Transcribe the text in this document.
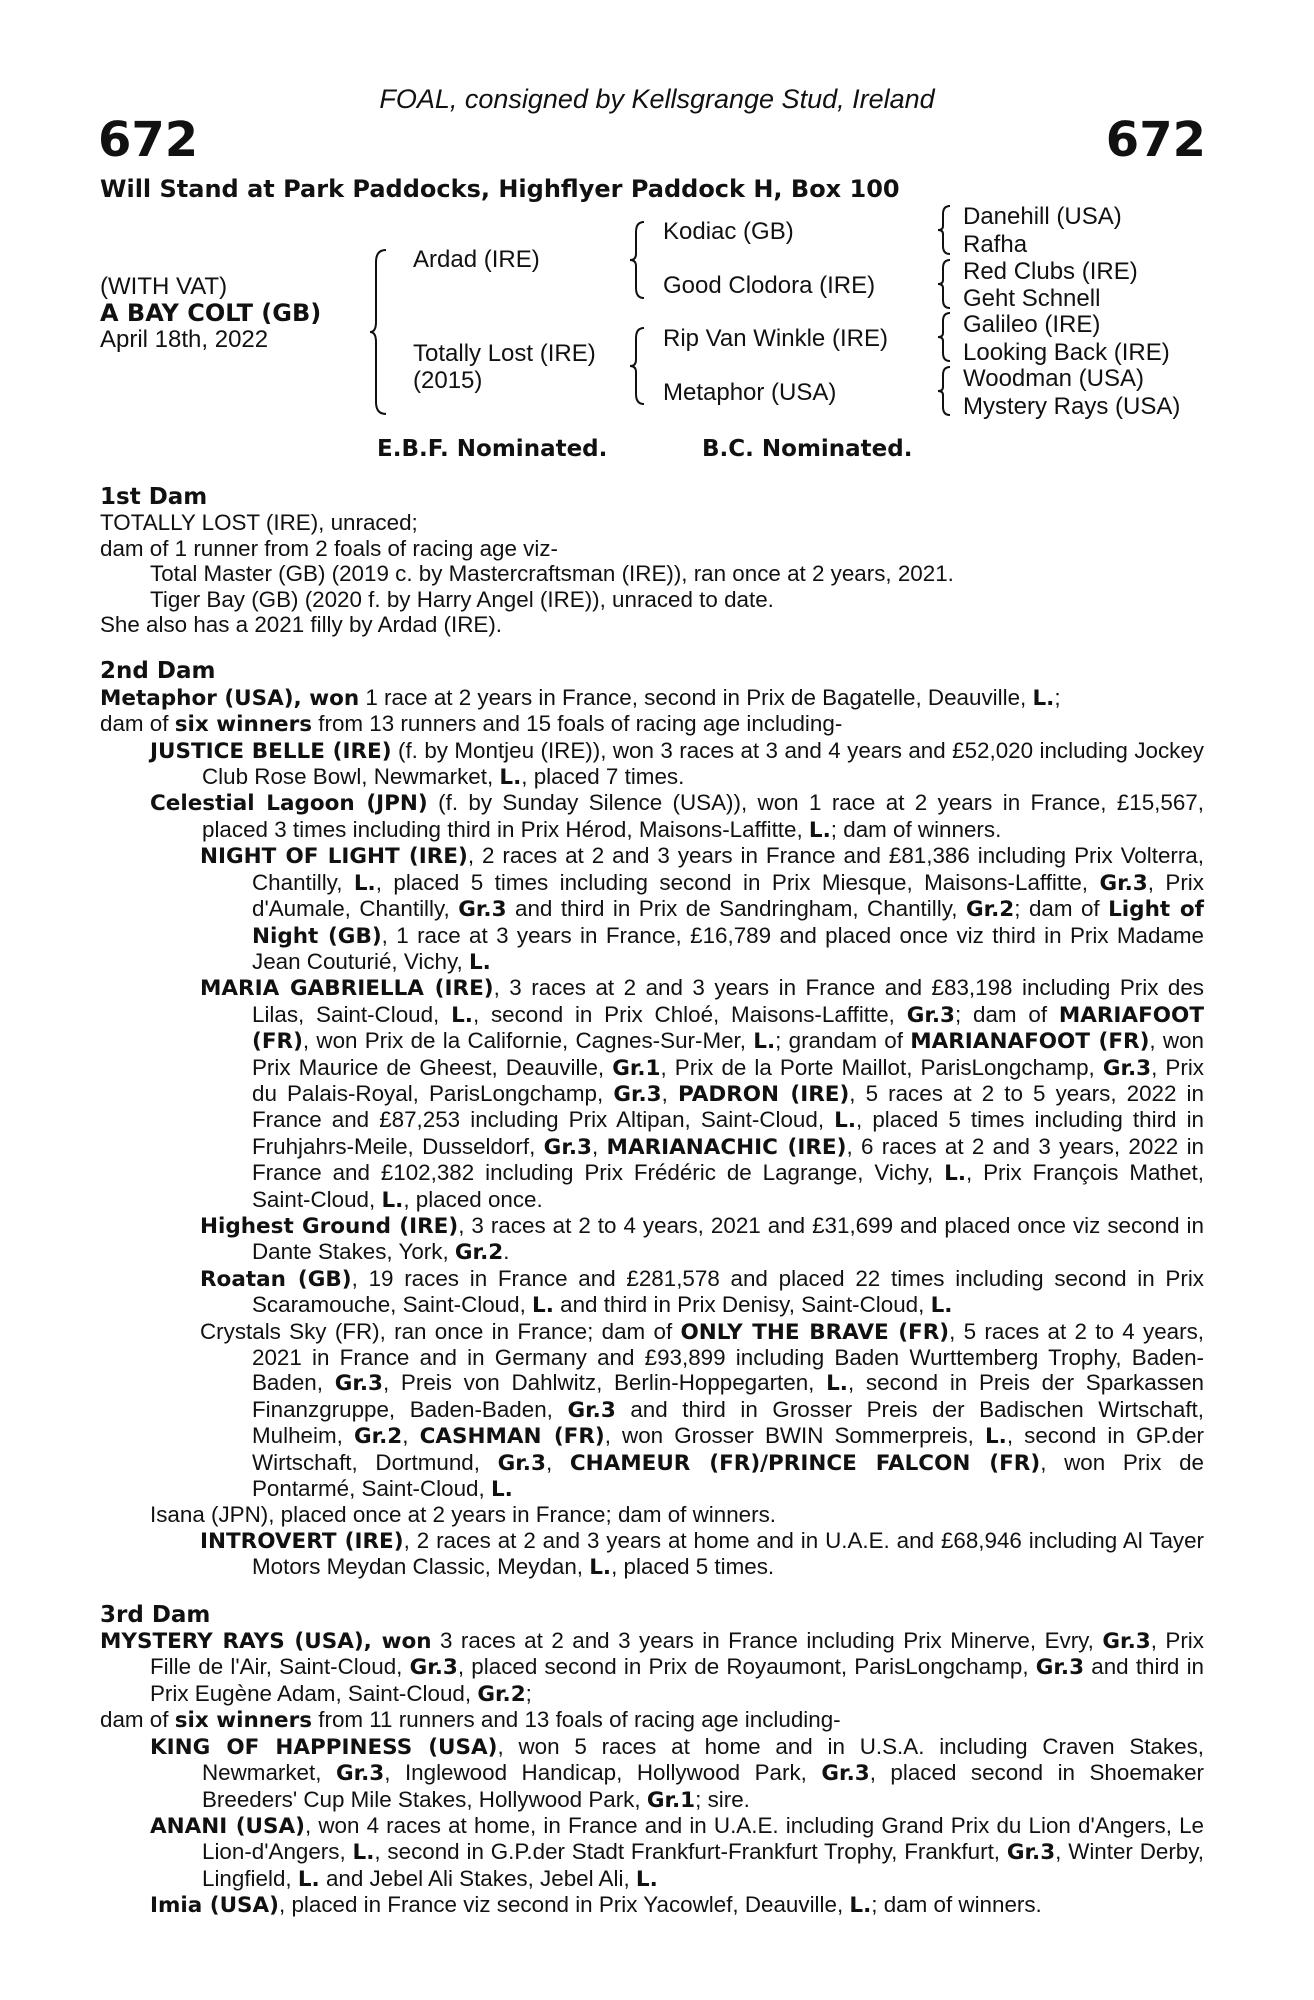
FOAL, consigned by Kellsgrange Stud, Ireland
672	672
Will Stand at Park Paddocks, Highflyer Paddock H, Box 100
(WITH VAT)
A BAY COLT (GB)
April 18th, 2022
Ardad (IRE)
Totally Lost (IRE)
(2015)
Kodiac (GB)
Good Clodora (IRE)
Rip Van Winkle (IRE)
Metaphor (USA)
Danehill (USA)
Rafha
Red Clubs (IRE)
Geht Schnell
Galileo (IRE)
Looking Back (IRE)
Woodman (USA)
Mystery Rays (USA)
E.B.F. Nominated.	B.C. Nominated.

1st Dam

TOTALLY LOST (IRE), unraced;

dam of 1 runner from 2 foals of racing age viz-

Total Master (GB) (2019 c. by Mastercraftsman (IRE)), ran once at 2 years, 2021.

Tiger Bay (GB) (2020 f. by Harry Angel (IRE)), unraced to date.

She also has a 2021 filly by Ardad (IRE).

2nd Dam

Metaphor (USA), won 1 race at 2 years in France, second in Prix de Bagatelle, Deauville, L.;

dam of six winners from 13 runners and 15 foals of racing age including-

JUSTICE BELLE (IRE) (f. by Montjeu (IRE)), won 3 races at 3 and 4 years and £52,020 including Jockey Club Rose Bowl, Newmarket, L., placed 7 times.

Celestial Lagoon (JPN) (f. by Sunday Silence (USA)), won 1 race at 2 years in France, £15,567, placed 3 times including third in Prix Hérod, Maisons-Laffitte, L.; dam of winners.

NIGHT OF LIGHT (IRE), 2 races at 2 and 3 years in France and £81,386 including Prix Volterra, Chantilly, L., placed 5 times including second in Prix Miesque, Maisons-Laffitte, Gr.3, Prix d'Aumale, Chantilly, Gr.3 and third in Prix de Sandringham, Chantilly, Gr.2; dam of Light of Night (GB), 1 race at 3 years in France, £16,789 and placed once viz third in Prix Madame Jean Couturié, Vichy, L.

MARIA GABRIELLA (IRE), 3 races at 2 and 3 years in France and £83,198 including Prix des Lilas, Saint-Cloud, L., second in Prix Chloé, Maisons-Laffitte, Gr.3; dam of MARIAFOOT (FR), won Prix de la Californie, Cagnes-Sur-Mer, L.; grandam of MARIANAFOOT (FR), won Prix Maurice de Gheest, Deauville, Gr.1, Prix de la Porte Maillot, ParisLongchamp, Gr.3, Prix du Palais-Royal, ParisLongchamp, Gr.3, PADRON (IRE), 5 races at 2 to 5 years, 2022 in France and £87,253 including Prix Altipan, Saint-Cloud, L., placed 5 times including third in Fruhjahrs-Meile, Dusseldorf, Gr.3, MARIANACHIC (IRE), 6 races at 2 and 3 years, 2022 in France and £102,382 including Prix Frédéric de Lagrange, Vichy, L., Prix François Mathet, Saint-Cloud, L., placed once.

Highest Ground (IRE), 3 races at 2 to 4 years, 2021 and £31,699 and placed once viz second in Dante Stakes, York, Gr.2.

Roatan (GB), 19 races in France and £281,578 and placed 22 times including second in Prix Scaramouche, Saint-Cloud, L. and third in Prix Denisy, Saint-Cloud, L.

Crystals Sky (FR), ran once in France; dam of ONLY THE BRAVE (FR), 5 races at 2 to 4 years, 2021 in France and in Germany and £93,899 including Baden Wurttemberg Trophy, Baden-Baden, Gr.3, Preis von Dahlwitz, Berlin-Hoppegarten, L., second in Preis der Sparkassen Finanzgruppe, Baden-Baden, Gr.3 and third in Grosser Preis der Badischen Wirtschaft, Mulheim, Gr.2, CASHMAN (FR), won Grosser BWIN Sommerpreis, L., second in GP.der Wirtschaft, Dortmund, Gr.3, CHAMEUR (FR)/PRINCE FALCON (FR), won Prix de Pontarmé, Saint-Cloud, L.

Isana (JPN), placed once at 2 years in France; dam of winners.

INTROVERT (IRE), 2 races at 2 and 3 years at home and in U.A.E. and £68,946 including Al Tayer Motors Meydan Classic, Meydan, L., placed 5 times.

3rd Dam

MYSTERY RAYS (USA), won 3 races at 2 and 3 years in France including Prix Minerve, Evry, Gr.3, Prix Fille de l'Air, Saint-Cloud, Gr.3, placed second in Prix de Royaumont, ParisLongchamp, Gr.3 and third in Prix Eugène Adam, Saint-Cloud, Gr.2;

dam of six winners from 11 runners and 13 foals of racing age including-

KING OF HAPPINESS (USA), won 5 races at home and in U.S.A. including Craven Stakes, Newmarket, Gr.3, Inglewood Handicap, Hollywood Park, Gr.3, placed second in Shoemaker Breeders' Cup Mile Stakes, Hollywood Park, Gr.1; sire.

ANANI (USA), won 4 races at home, in France and in U.A.E. including Grand Prix du Lion d'Angers, Le Lion-d'Angers, L., second in G.P.der Stadt Frankfurt-Frankfurt Trophy, Frankfurt, Gr.3, Winter Derby, Lingfield, L. and Jebel Ali Stakes, Jebel Ali, L.

Imia (USA), placed in France viz second in Prix Yacowlef, Deauville, L.; dam of winners.
